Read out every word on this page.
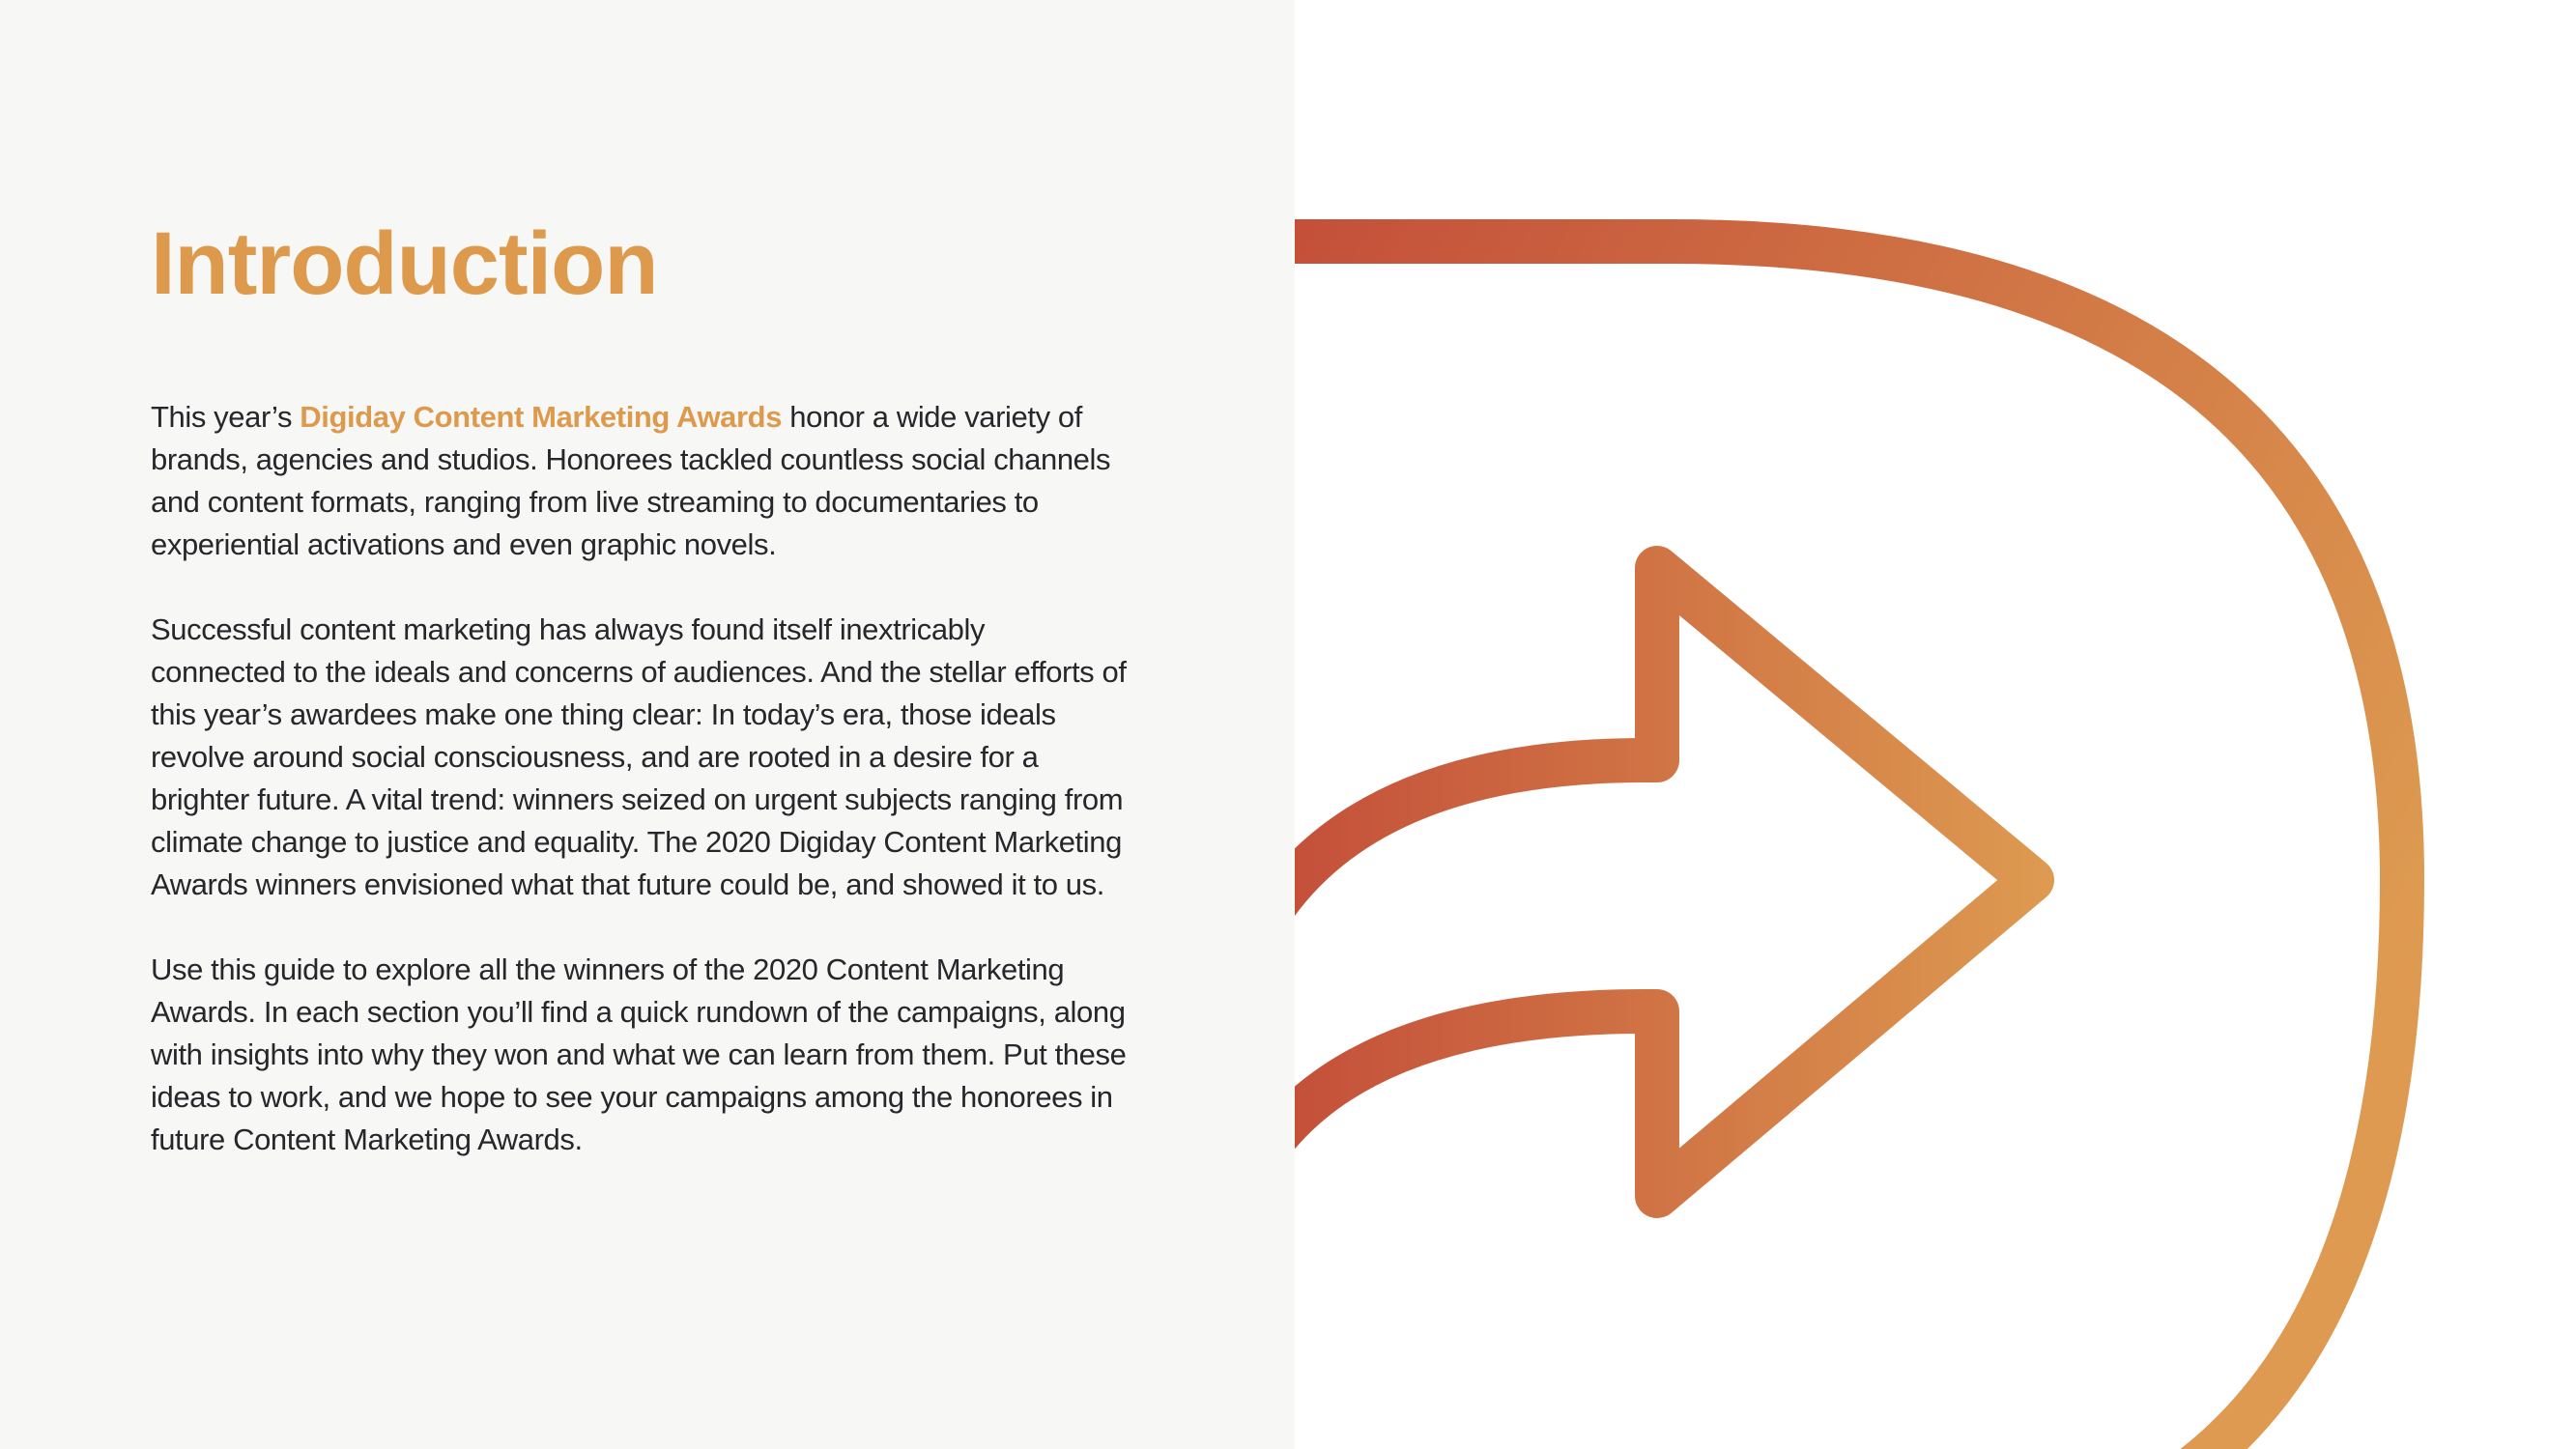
Introduction

This year’s Digiday Content Marketing Awards honor a wide variety of brands, agencies and studios. Honorees tackled countless social channels and content formats, ranging from live streaming to documentaries to experiential activations and even graphic novels.

Successful content marketing has always found itself inextricably connected to the ideals and concerns of audiences. And the stellar efforts of this year’s awardees make one thing clear: In today’s era, those ideals revolve around social consciousness, and are rooted in a desire for a brighter future. A vital trend: winners seized on urgent subjects ranging from climate change to justice and equality. The 2020 Digiday Content Marketing Awards winners envisioned what that future could be, and showed it to us.

Use this guide to explore all the winners of the 2020 Content Marketing Awards. In each section you’ll find a quick rundown of the campaigns, along with insights into why they won and what we can learn from them. Put these ideas to work, and we hope to see your campaigns among the honorees in future Content Marketing Awards.
